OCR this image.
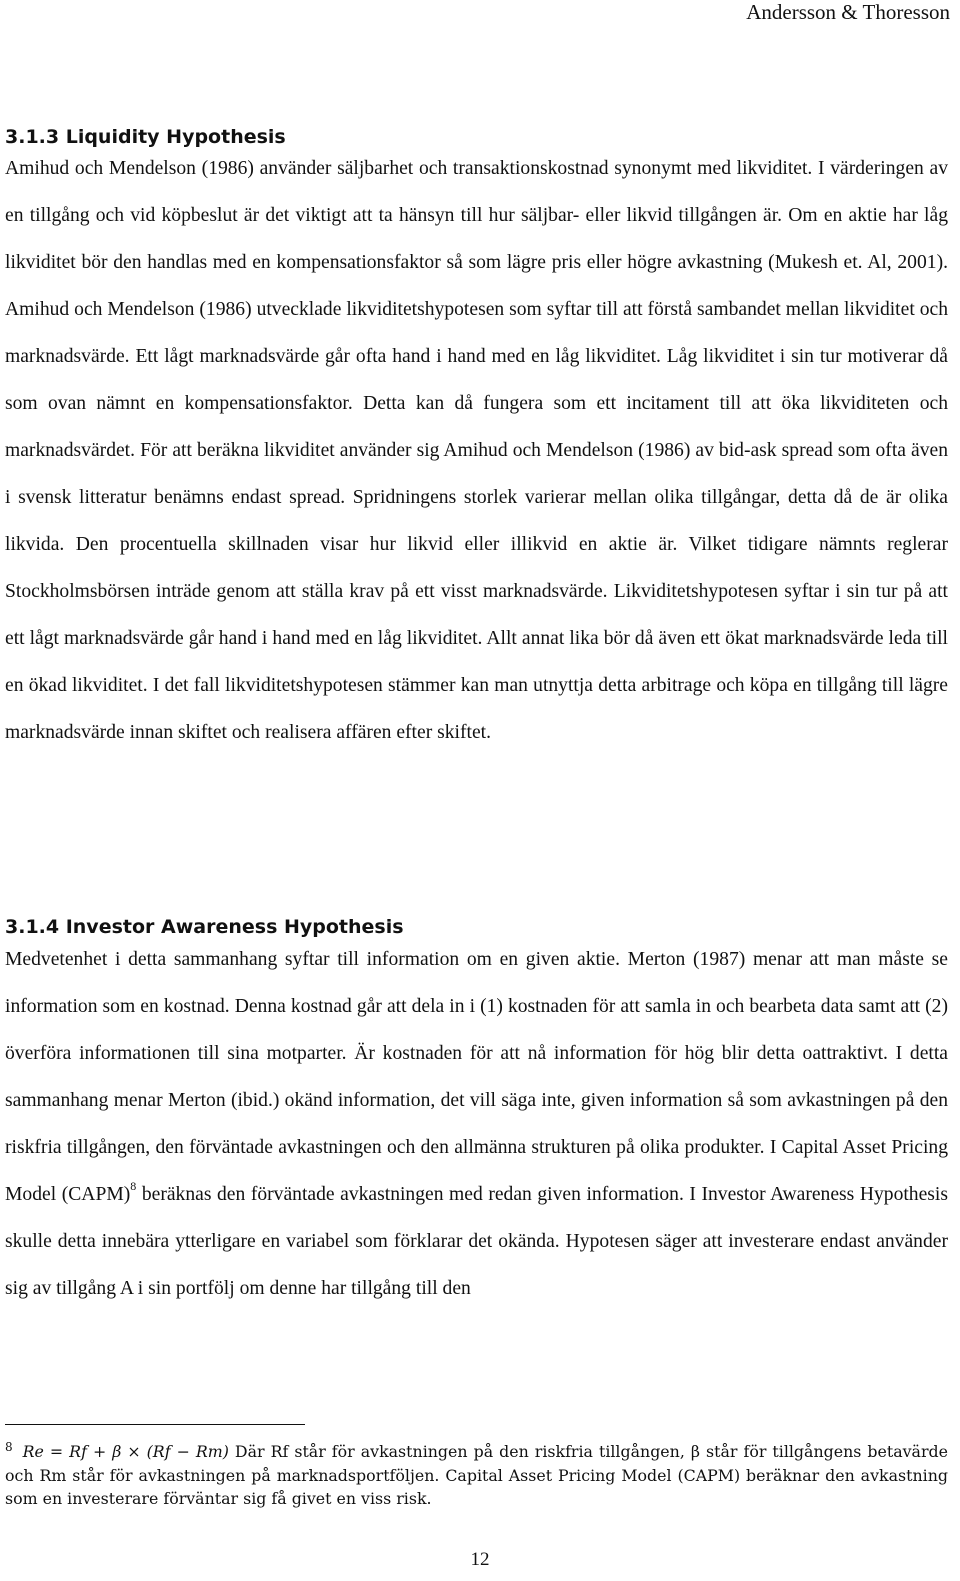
Andersson & Thoresson
3.1.3 Liquidity Hypothesis

Amihud och Mendelson (1986) använder säljbarhet och transaktionskostnad synonymt med likviditet. I värderingen av en tillgång och vid köpbeslut är det viktigt att ta hänsyn till hur säljbar- eller likvid tillgången är. Om en aktie har låg likviditet bör den handlas med en kompensationsfaktor så som lägre pris eller högre avkastning (Mukesh et. Al, 2001). Amihud och Mendelson (1986) utvecklade likviditetshypotesen som syftar till att förstå sambandet mellan likviditet och marknadsvärde. Ett lågt marknadsvärde går ofta hand i hand med en låg likviditet. Låg likviditet i sin tur motiverar då som ovan nämnt en kompensationsfaktor. Detta kan då fungera som ett incitament till att öka likviditeten och marknadsvärdet. För att beräkna likviditet använder sig Amihud och Mendelson (1986) av bid-ask spread som ofta även i svensk litteratur benämns endast spread. Spridningens storlek varierar mellan olika tillgångar, detta då de är olika likvida. Den procentuella skillnaden visar hur likvid eller illikvid en aktie är. Vilket tidigare nämnts reglerar Stockholmsbörsen inträde genom att ställa krav på ett visst marknadsvärde. Likviditetshypotesen syftar i sin tur på att ett lågt marknadsvärde går hand i hand med en låg likviditet. Allt annat lika bör då även ett ökat marknadsvärde leda till en ökad likviditet. I det fall likviditetshypotesen stämmer kan man utnyttja detta arbitrage och köpa en tillgång till lägre marknadsvärde innan skiftet och realisera affären efter skiftet.

3.1.4 Investor Awareness Hypothesis

Medvetenhet i detta sammanhang syftar till information om en given aktie. Merton (1987) menar att man måste se information som en kostnad. Denna kostnad går att dela in i (1) kostnaden för att samla in och bearbeta data samt att (2) överföra informationen till sina motparter. Är kostnaden för att nå information för hög blir detta oattraktivt. I detta sammanhang menar Merton (ibid.) okänd information, det vill säga inte, given information så som avkastningen på den riskfria tillgången, den förväntade avkastningen och den allmänna strukturen på olika produkter. I Capital Asset Pricing Model (CAPM)$^8$ beräknas den förväntade avkastningen med redan given information. I Investor Awareness Hypothesis skulle detta innebära ytterligare en variabel som förklarar det okända. Hypotesen säger att investerare endast använder sig av tillgång A i sin portfölj om denne har tillgång till den

$^8$ Re = Rf + β × (Rf − Rm) Där Rf står för avkastningen på den riskfria tillgången, β står för tillgångens betavärde och Rm står för avkastningen på marknadsportföljen. Capital Asset Pricing Model (CAPM) beräknar den avkastning som en investerare förväntar sig få givet en viss risk.

12
